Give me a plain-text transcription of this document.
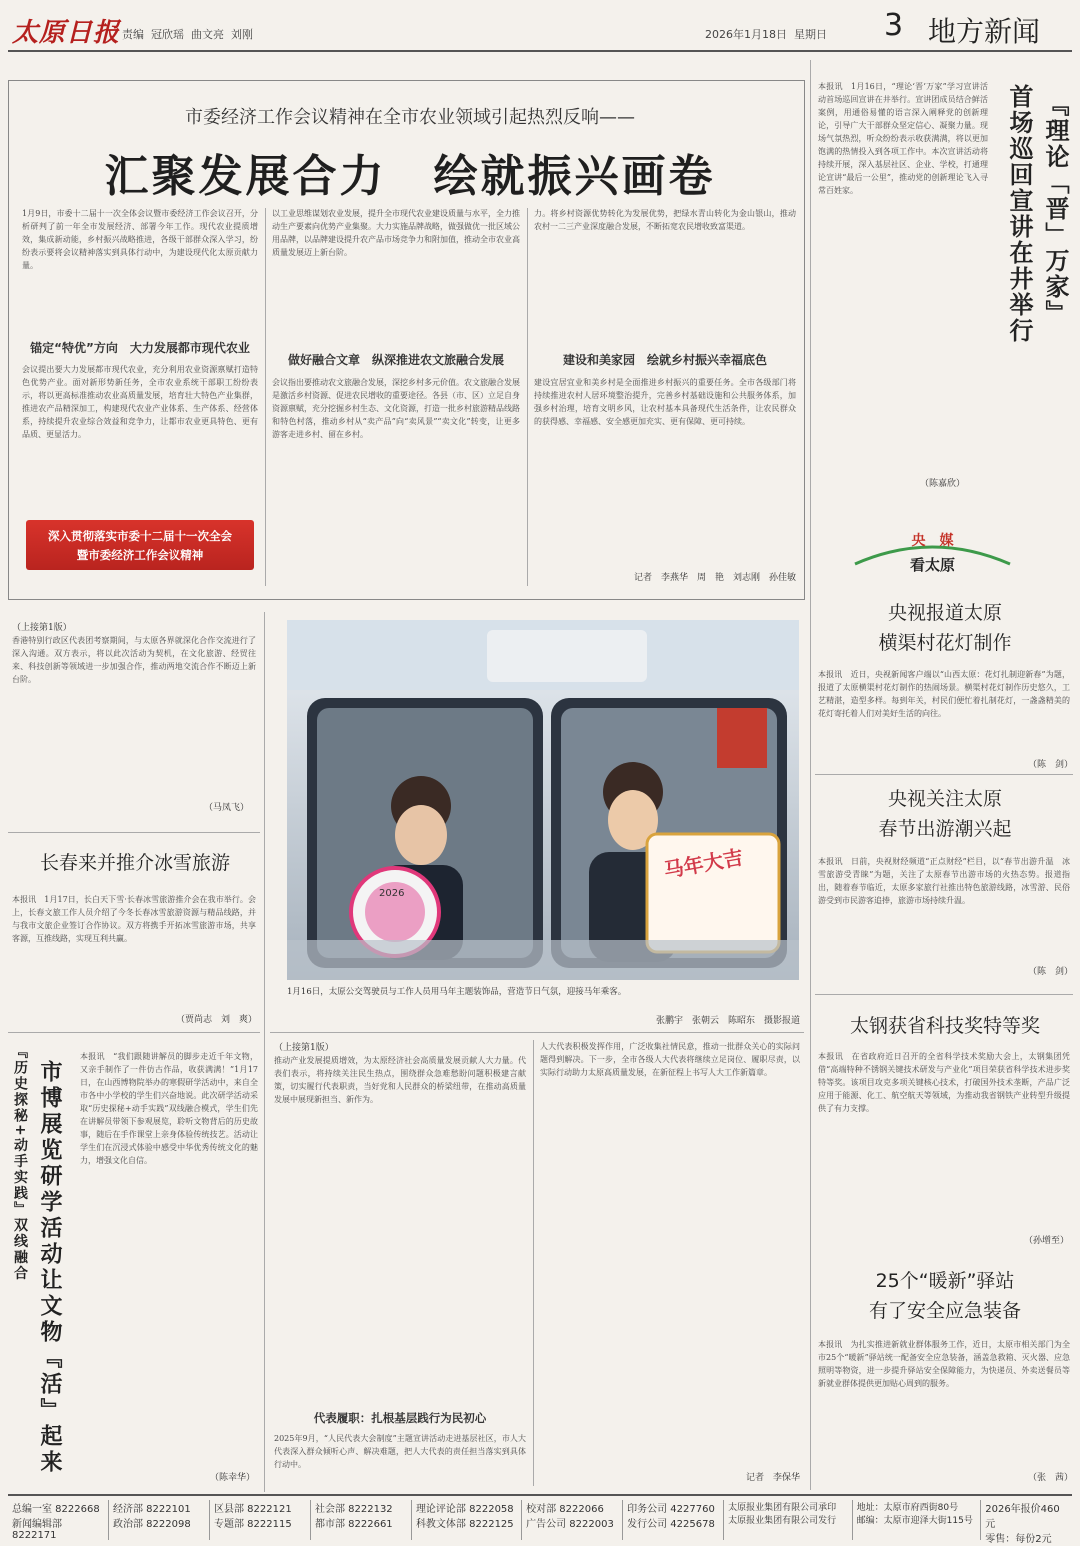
太原日报 责编 冠欣瑶 曲文亮 刘刚	2026年1月18日 星期日 3 地方新闻
市委经济工作会议精神在全市农业领域引起热烈反响——
汇聚发展合力　绘就振兴画卷
1月9日，市委十二届十一次全体会议暨市委经济工作会议召开，分析研判了前一年全市发展经济、部署今年工作。现代农业提质增效，集成新动能，乡村振兴战略推进，各级干部群众深入学习，纷纷表示要将会议精神落实到具体行动中，为建设现代化太原贡献力量。
锚定“特优”方向　大力发展都市现代农业
会议提出要大力发展都市现代农业，充分利用农业资源禀赋打造特色优势产业。面对新形势新任务，全市农业系统干部职工纷纷表示，将以更高标准推动农业高质量发展，培育壮大特色产业集群，推进农产品精深加工，构建现代农业产业体系、生产体系、经营体系，持续提升农业综合效益和竞争力，让都市农业更具特色、更有品质、更显活力。
深入贯彻落实市委十二届十一次全会
暨市委经济工作会议精神
以工业思维谋划农业发展，提升全市现代农业建设质量与水平，全力推动生产要素向优势产业集聚。大力实施品牌战略，做强做优一批区域公用品牌，以品牌建设提升农产品市场竞争力和附加值，推动全市农业高质量发展迈上新台阶。
做好融合文章　纵深推进农文旅融合发展
会议指出要推动农文旅融合发展，深挖乡村多元价值。农文旅融合发展是激活乡村资源、促进农民增收的重要途径。各县（市、区）立足自身资源禀赋，充分挖掘乡村生态、文化资源，打造一批乡村旅游精品线路和特色村落，推动乡村从“卖产品”向“卖风景”“卖文化”转变，让更多游客走进乡村、留在乡村。
力。将乡村资源优势转化为发展优势，把绿水青山转化为金山银山，推动农村一二三产业深度融合发展，不断拓宽农民增收致富渠道。
建设和美家园　绘就乡村振兴幸福底色
建设宜居宜业和美乡村是全面推进乡村振兴的重要任务。全市各级部门将持续推进农村人居环境整治提升，完善乡村基础设施和公共服务体系，加强乡村治理，培育文明乡风，让农村基本具备现代生活条件，让农民群众的获得感、幸福感、安全感更加充实、更有保障、更可持续。
记者　李燕华　周　艳　刘志刚　孙佳敏
本报讯　1月16日，“理论‘晋’万家”学习宣讲活动首场巡回宣讲在井举行。宣讲团成员结合鲜活案例，用通俗易懂的语言深入阐释党的创新理论，引导广大干部群众坚定信心、凝聚力量。现场气氛热烈，听众纷纷表示收获满满，将以更加饱满的热情投入到各项工作中。本次宣讲活动将持续开展，深入基层社区、企业、学校，打通理论宣讲“最后一公里”，推动党的创新理论飞入寻常百姓家。
（陈嘉欣）
『理论「晋」万家』
首场巡回宣讲在井举行
央　媒
看太原
央视报道太原
横渠村花灯制作
本报讯　近日，央视新闻客户端以“山西太原：花灯扎制迎新春”为题，报道了太原横渠村花灯制作的热闹场景。横渠村花灯制作历史悠久，工艺精湛，造型多样。每到年关，村民们便忙着扎制花灯，一盏盏精美的花灯寄托着人们对美好生活的向往。
（陈　剑）
央视关注太原
春节出游潮兴起
本报讯　日前，央视财经频道“正点财经”栏目，以“春节出游升温　冰雪旅游受青睐”为题，关注了太原春节出游市场的火热态势。报道指出，随着春节临近，太原多家旅行社推出特色旅游线路，冰雪游、民俗游受到市民游客追捧，旅游市场持续升温。
（陈　剑）
太钢获省科技奖特等奖
本报讯　在省政府近日召开的全省科学技术奖励大会上，太钢集团凭借“高端特种不锈钢关键技术研发与产业化”项目荣获省科学技术进步奖特等奖。该项目攻克多项关键核心技术，打破国外技术垄断，产品广泛应用于能源、化工、航空航天等领域，为推动我省钢铁产业转型升级提供了有力支撑。
（孙增至）
25个“暖新”驿站
有了安全应急装备
本报讯　为扎实推进新就业群体服务工作，近日，太原市相关部门为全市25个“暖新”驿站统一配备安全应急装备，涵盖急救箱、灭火器、应急照明等物资，进一步提升驿站安全保障能力，为快递员、外卖送餐员等新就业群体提供更加贴心周到的服务。
（张　茜）
（上接第1版）
香港特别行政区代表团考察期间，与太原各界就深化合作交流进行了深入沟通。双方表示，将以此次活动为契机，在文化旅游、经贸往来、科技创新等领域进一步加强合作，推动两地交流合作不断迈上新台阶。
（马凤飞）
长春来并推介冰雪旅游
本报讯　1月17日，长白天下雪·长春冰雪旅游推介会在我市举行。会上，长春文旅工作人员介绍了今冬长春冰雪旅游资源与精品线路，并与我市文旅企业签订合作协议。双方将携手开拓冰雪旅游市场，共享客源，互推线路，实现互利共赢。
（贾尚志　刘　爽）
『历史探秘+动手实践』双线融合 市博展览研学活动让文物『活』起来
本报讯　“我们跟随讲解员的脚步走近千年文物，又亲手制作了一件仿古作品，收获满满！”1月17日，在山西博物院举办的寒假研学活动中，来自全市各中小学校的学生们兴奋地说。此次研学活动采取“历史探秘+动手实践”双线融合模式，学生们先在讲解员带领下参观展览，聆听文物背后的历史故事，随后在手作课堂上亲身体验传统技艺。活动让学生们在沉浸式体验中感受中华优秀传统文化的魅力，增强文化自信。
（陈幸华）
马年大吉
2026
1月16日，太原公交驾驶员与工作人员用马年主题装饰品，营造节日气氛，迎接马年乘客。
张鹏宇　张朝云　陈昭东　摄影报道
（上接第1版）
推动产业发展提质增效，为太原经济社会高质量发展贡献人大力量。代表们表示，将持续关注民生热点，围绕群众急难愁盼问题积极建言献策，切实履行代表职责，当好党和人民群众的桥梁纽带，在推动高质量发展中展现新担当、新作为。
代表履职：扎根基层践行为民初心
2025年9月，“人民代表大会制度”主题宣讲活动走进基层社区，市人大代表深入群众倾听心声、解决难题，把人大代表的责任担当落实到具体行动中。
人大代表积极发挥作用，广泛收集社情民意，推动一批群众关心的实际问题得到解决。下一步，全市各级人大代表将继续立足岗位、履职尽责，以实际行动助力太原高质量发展，在新征程上书写人大工作新篇章。
记者　李保华
总编一室 8222668
新闻编辑部 8222171
经济部 8222101
政治部 8222098
区县部 8222121
专题部 8222115
社会部 8222132
都市部 8222661
理论评论部 8222058
科教文体部 8222125
校对部 8222066
广告公司 8222003
印务公司 4227760
发行公司 4225678
太原报业集团有限公司承印
太原报业集团有限公司发行
地址：太原市府西街80号
邮编：太原市迎泽大街115号
2026年报价460元
零售：每份2元
